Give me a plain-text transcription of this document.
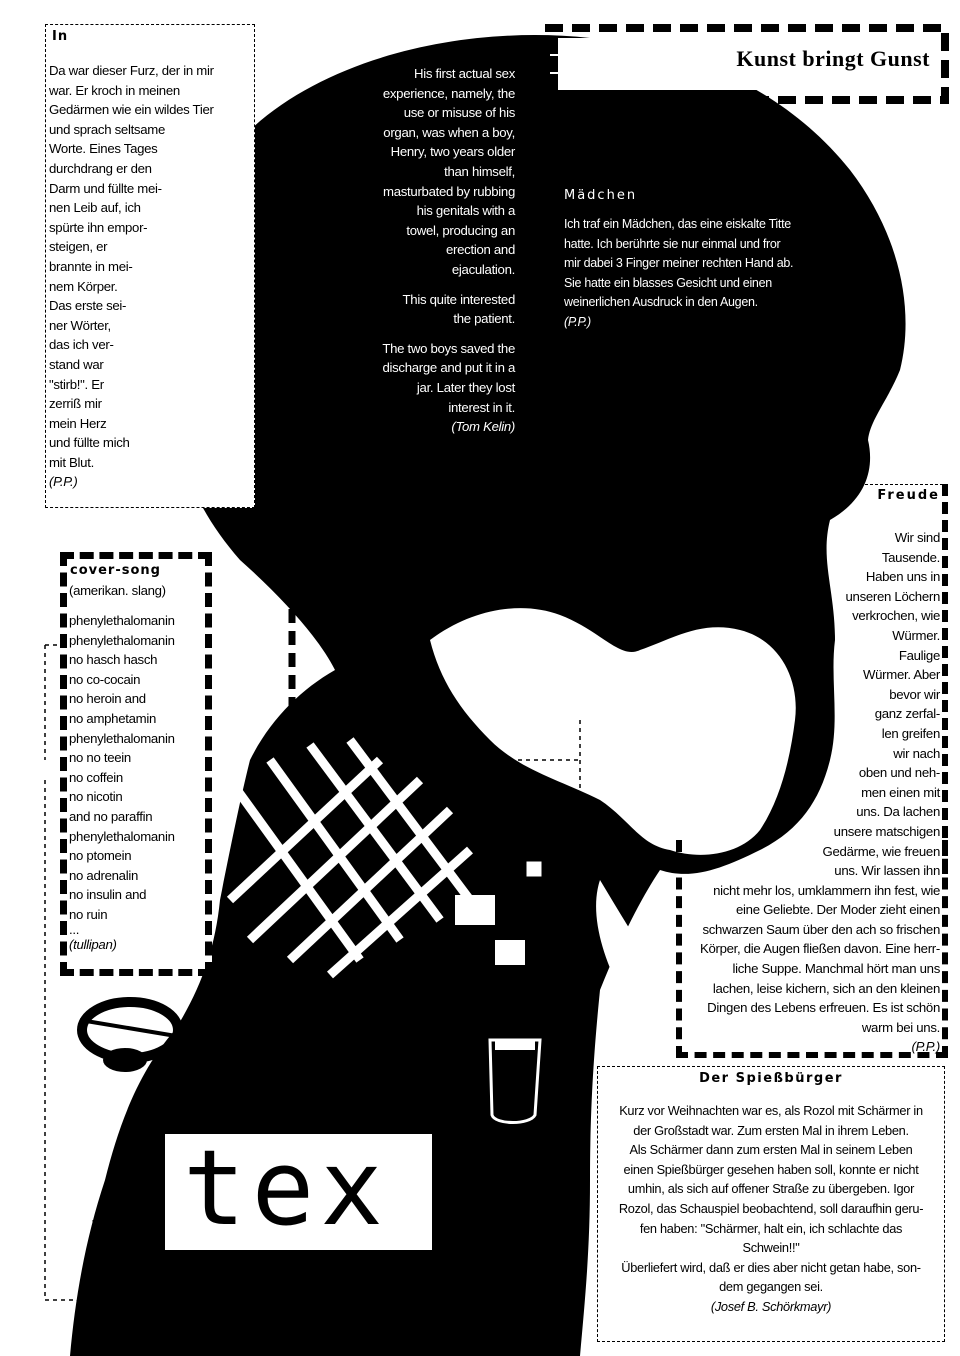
Kunst bringt Gunst
In
Da war dieser Furz, der in mir
war. Er kroch in meinen
Gedärmen wie ein wildes Tier
und sprach seltsame
Worte. Eines Tages
durchdrang er den
Darm und füllte mei-
nen Leib auf, ich
spürte ihn empor-
steigen, er
brannte in mei-
nem Körper.
Das erste sei-
ner Wörter,
das ich ver-
stand war
"stirb!". Er
zerriß mir
mein Herz
und füllte mich
mit Blut.
(P.P.)
His first actual sex
experience, namely, the
use or misuse of his
organ, was when a boy,
Henry, two years older
than himself,
masturbated by rubbing
his genitals with a
towel, producing an
erection and
ejaculation.
This quite interested
the patient.
The two boys saved the
discharge and put it in a
jar. Later they lost
interest in it.
(Tom Kelin)
Mädchen
Ich traf ein Mädchen, das eine eiskalte Titte
hatte. Ich berührte sie nur einmal und fror
mir dabei 3 Finger meiner rechten Hand ab.
Sie hatte ein blasses Gesicht und einen
weinerlichen Ausdruck in den Augen.
(P.P.)
Freude
Wir sind
Tausende.
Haben uns in
unseren Löchern
verkrochen, wie
Würmer.
Faulige
Würmer. Aber
bevor wir
ganz zerfal-
len greifen
wir nach
oben und neh-
men einen mit
uns. Da lachen
unsere matschigen
Gedärme, wie freuen
uns. Wir lassen ihn
nicht mehr los, umklammern ihn fest, wie
eine Geliebte. Der Moder zieht einen
schwarzen Saum über den ach so frischen
Körper, die Augen fließen davon. Eine herr-
liche Suppe. Manchmal hört man uns
lachen, leise kichern, sich an den kleinen
Dingen des Lebens erfreuen. Es ist schön
warm bei uns.
(P.P.)
cover-song
(amerikan. slang)
phenylethalomanin
phenylethalomanin
no hasch hasch
no co-cocain
no heroin and
no amphetamin
phenylethalomanin
no no teein
no coffein
no nicotin
and no paraffin
phenylethalomanin
no ptomein
no adrenalin
no insulin and
no ruin
...
(tullipan)
Der Spießbürger
Kurz vor Weihnachten war es, als Rozol mit Schärmer in
der Großstadt war. Zum ersten Mal in ihrem Leben.
Als Schärmer dann zum ersten Mal in seinem Leben
einen Spießbürger gesehen haben soll, konnte er nicht
umhin, als sich auf offener Straße zu übergeben. Igor
Rozol, das Schauspiel beobachtend, soll daraufhin geru-
fen haben: "Schärmer, halt ein, ich schlachte das
Schwein!!"
Überliefert wird, daß er dies aber nicht getan habe, son-
dem gegangen sei.
(Josef B. Schörkmayr)
tex
